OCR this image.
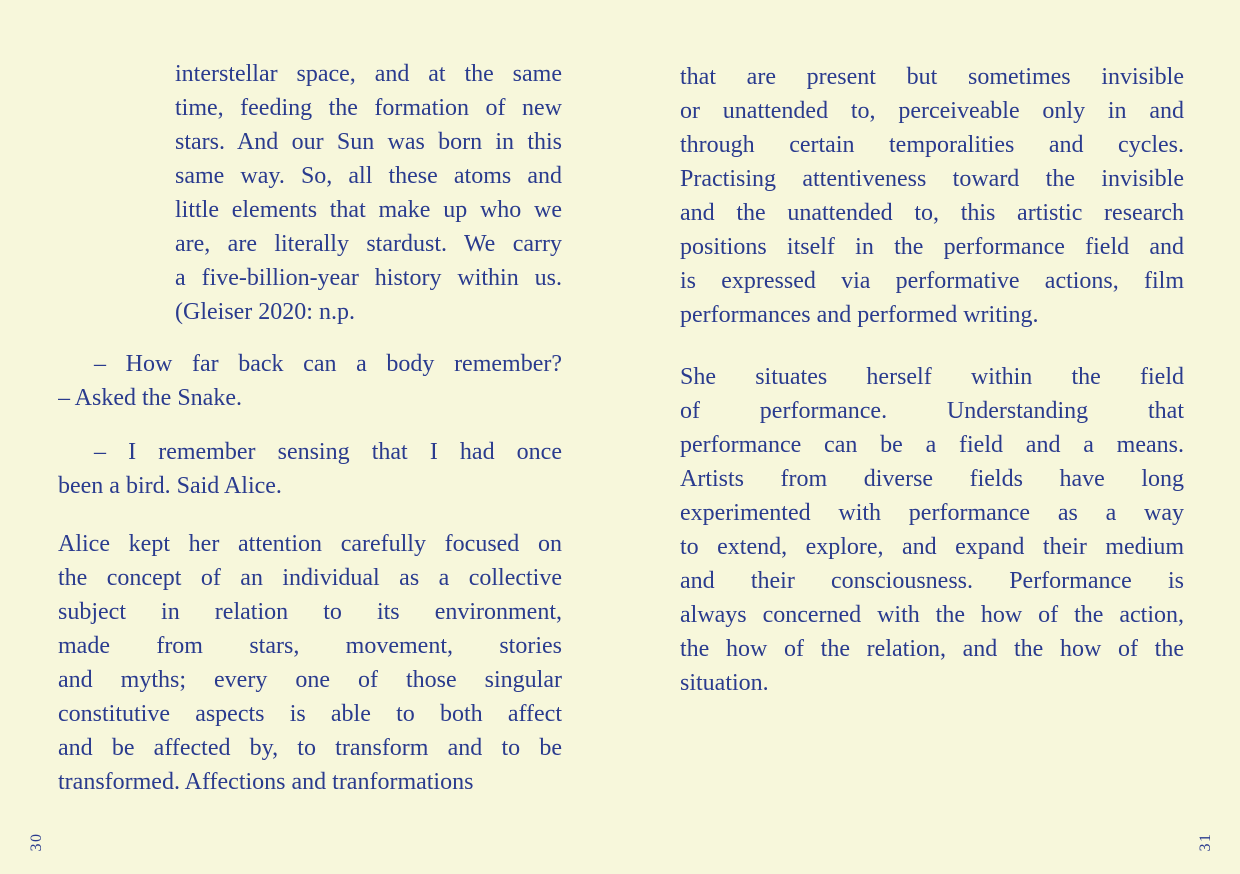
interstellar space, and at the same
time, feeding the formation of new
stars. And our Sun was born in this
same way. So, all these atoms and
little elements that make up who we
are, are literally stardust. We carry
a five-billion-year history within us.
(Gleiser 2020: n.p.
– How far back can a body remember?
– Asked the Snake.
– I remember sensing that I had once
been a bird. Said Alice.
Alice kept her attention carefully focused on
the concept of an individual as a collective
subject in relation to its environment,
made from stars, movement, stories
and myths; every one of those singular
constitutive aspects is able to both affect
and be affected by, to transform and to be
transformed. Affections and tranformations
that are present but sometimes invisible
or unattended to, perceiveable only in and
through certain temporalities and cycles.
Practising attentiveness toward the invisible
and the unattended to, this artistic research
positions itself in the performance field and
is expressed via performative actions, film
performances and performed writing.
She situates herself within the field
of performance. Understanding that
performance can be a field and a means.
Artists from diverse fields have long
experimented with performance as a way
to extend, explore, and expand their medium
and their consciousness. Performance is
always concerned with the how of the action,
the how of the relation, and the how of the
situation.
30	31
